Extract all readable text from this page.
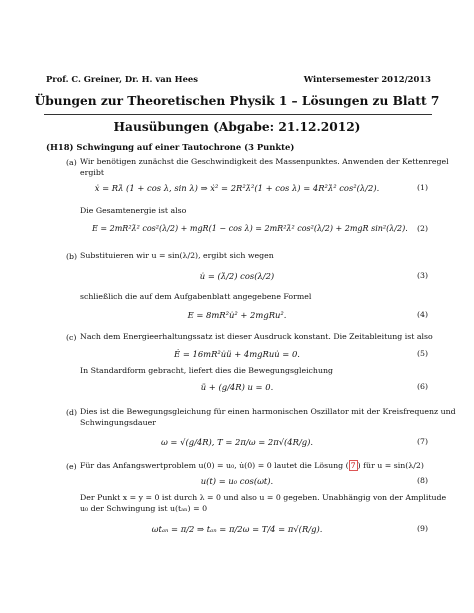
Prof. C. Greiner, Dr. H. van Hees	Wintersemester 2012/2013
Übungen zur Theoretischen Physik 1 – Lösungen zu Blatt 7
Hausübungen (Abgabe: 21.12.2012)
(H18) Schwingung auf einer Tautochrone (3 Punkte)
(a) Wir benötigen zunächst die Geschwindigkeit des Massenpunktes. Anwenden der Kettenregel
ergibt
ẋ = Rλ̇ (1 + cos λ, sin λ) ⇒ ẋ² = 2R²λ̇²(1 + cos λ) = 4R²λ̇² cos²(λ/2).	(1)
Die Gesamtenergie ist also
E = 2mR²λ̇² cos²(λ/2) + mgR(1 − cos λ) = 2mR²λ̇² cos²(λ/2) + 2mgR sin²(λ/2). (2)
(b) Substituieren wir u = sin(λ/2), ergibt sich wegen
u̇ = (λ̇/2) cos(λ/2)	(3)
schließlich die auf dem Aufgabenblatt angegebene Formel
E = 8mR²u̇² + 2mgRu².	(4)
(c) Nach dem Energieerhaltungssatz ist dieser Ausdruck konstant. Die Zeitableitung ist also
Ė = 16mR²u̇ü + 4mgRuu̇ = 0.	(5)
In Standardform gebracht, liefert dies die Bewegungsgleichung
ü + (g/4R) u = 0.	(6)
(d) Dies ist die Bewegungsgleichung für einen harmonischen Oszillator mit der Kreisfrequenz und
Schwingungsdauer
ω = √(g/4R), T = 2π/ω = 2π√(4R/g).	(7)
(e) Für das Anfangswertproblem u(0) = u₀, u̇(0) = 0 lautet die Lösung ( 7 ) für u = sin(λ/2)
u(t) = u₀ cos(ωt).	(8)
Der Punkt x = y = 0 ist durch λ = 0 und also u = 0 gegeben. Unabhängig von der Amplitude
u₀ der Schwingung ist u(tₐₙ) = 0
ωtₐₙ = π/2 ⇒ tₐₙ = π/2ω = T/4 = π√(R/g).	(9)
